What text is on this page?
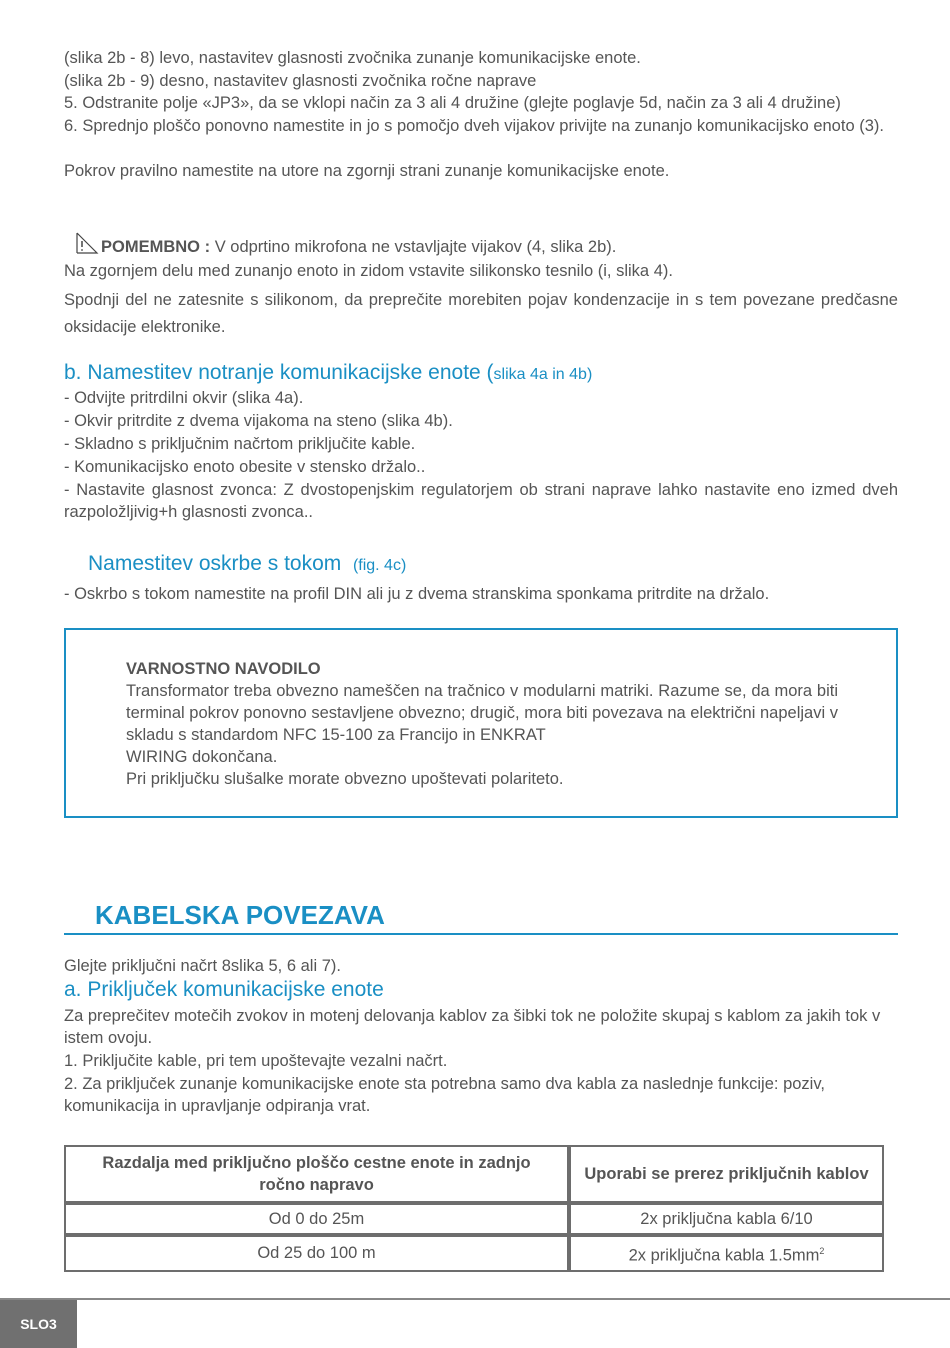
(slika 2b - 8) levo, nastavitev glasnosti zvočnika zunanje komunikacijske enote.
(slika 2b - 9) desno, nastavitev glasnosti zvočnika ročne naprave
5. Odstranite polje «JP3», da se vklopi način za 3 ali 4 družine (glejte poglavje 5d, način za 3 ali 4 družine)
6. Sprednjo ploščo ponovno namestite in jo s pomočjo dveh vijakov privijte na zunanjo komunikacijsko enoto (3).
Pokrov pravilno namestite na utore na zgornji strani zunanje komunikacijske enote.
POMEMBNO : V odprtino mikrofona ne vstavljajte vijakov (4, slika 2b).
Na zgornjem delu med zunanjo enoto in zidom vstavite silikonsko tesnilo (i, slika 4).
Spodnji del ne zatesnite s silikonom, da preprečite morebiten pojav kondenzacije in s tem povezane predčasne oksidacije elektronike.
b. Namestitev notranje komunikacijske enote (slika 4a in 4b)
- Odvijte pritrdilni okvir (slika 4a).
- Okvir pritrdite z dvema vijakoma na steno (slika 4b).
- Skladno s priključnim načrtom priključite kable.
- Komunikacijsko enoto obesite v stensko držalo..
- Nastavite glasnost zvonca: Z dvostopenjskim regulatorjem ob strani naprave lahko nastavite eno izmed dveh razpoložljivig+h glasnosti zvonca..
Namestitev oskrbe s tokom (fig. 4c)
- Oskrbo s tokom namestite na profil DIN ali ju z dvema stranskima sponkama pritrdite na držalo.
VARNOSTNO NAVODILO
Transformator treba obvezno nameščen na tračnico v modularni matriki. Razume se, da mora biti terminal pokrov ponovno sestavljene obvezno; drugič, mora biti povezava na električni napeljavi v skladu s standardom NFC 15-100 za Francijo in ENKRAT
WIRING dokončana.
Pri priključku slušalke morate obvezno upoštevati polariteto.
KABELSKA POVEZAVA
Glejte priključni načrt 8slika 5, 6 ali 7).
a. Priključek komunikacijske enote
Za preprečitev motečih zvokov in motenj delovanja kablov za šibki tok ne položite skupaj s kablom za jakih tok v istem ovoju.
1. Priključite kable, pri tem upoštevajte vezalni načrt.
2. Za priključek zunanje komunikacijske enote sta potrebna samo dva kabla za naslednje funkcije: poziv, komunikacija in upravljanje odpiranja vrat.
Razdalja med priključno ploščo cestne enote in zadnjo ročno napravo	Uporabi se prerez priključnih kablov
Od 0 do 25m	2x priključna kabla 6/10
Od 25 do 100 m	2x priključna kabla $1.5mm^2$
SLO3
